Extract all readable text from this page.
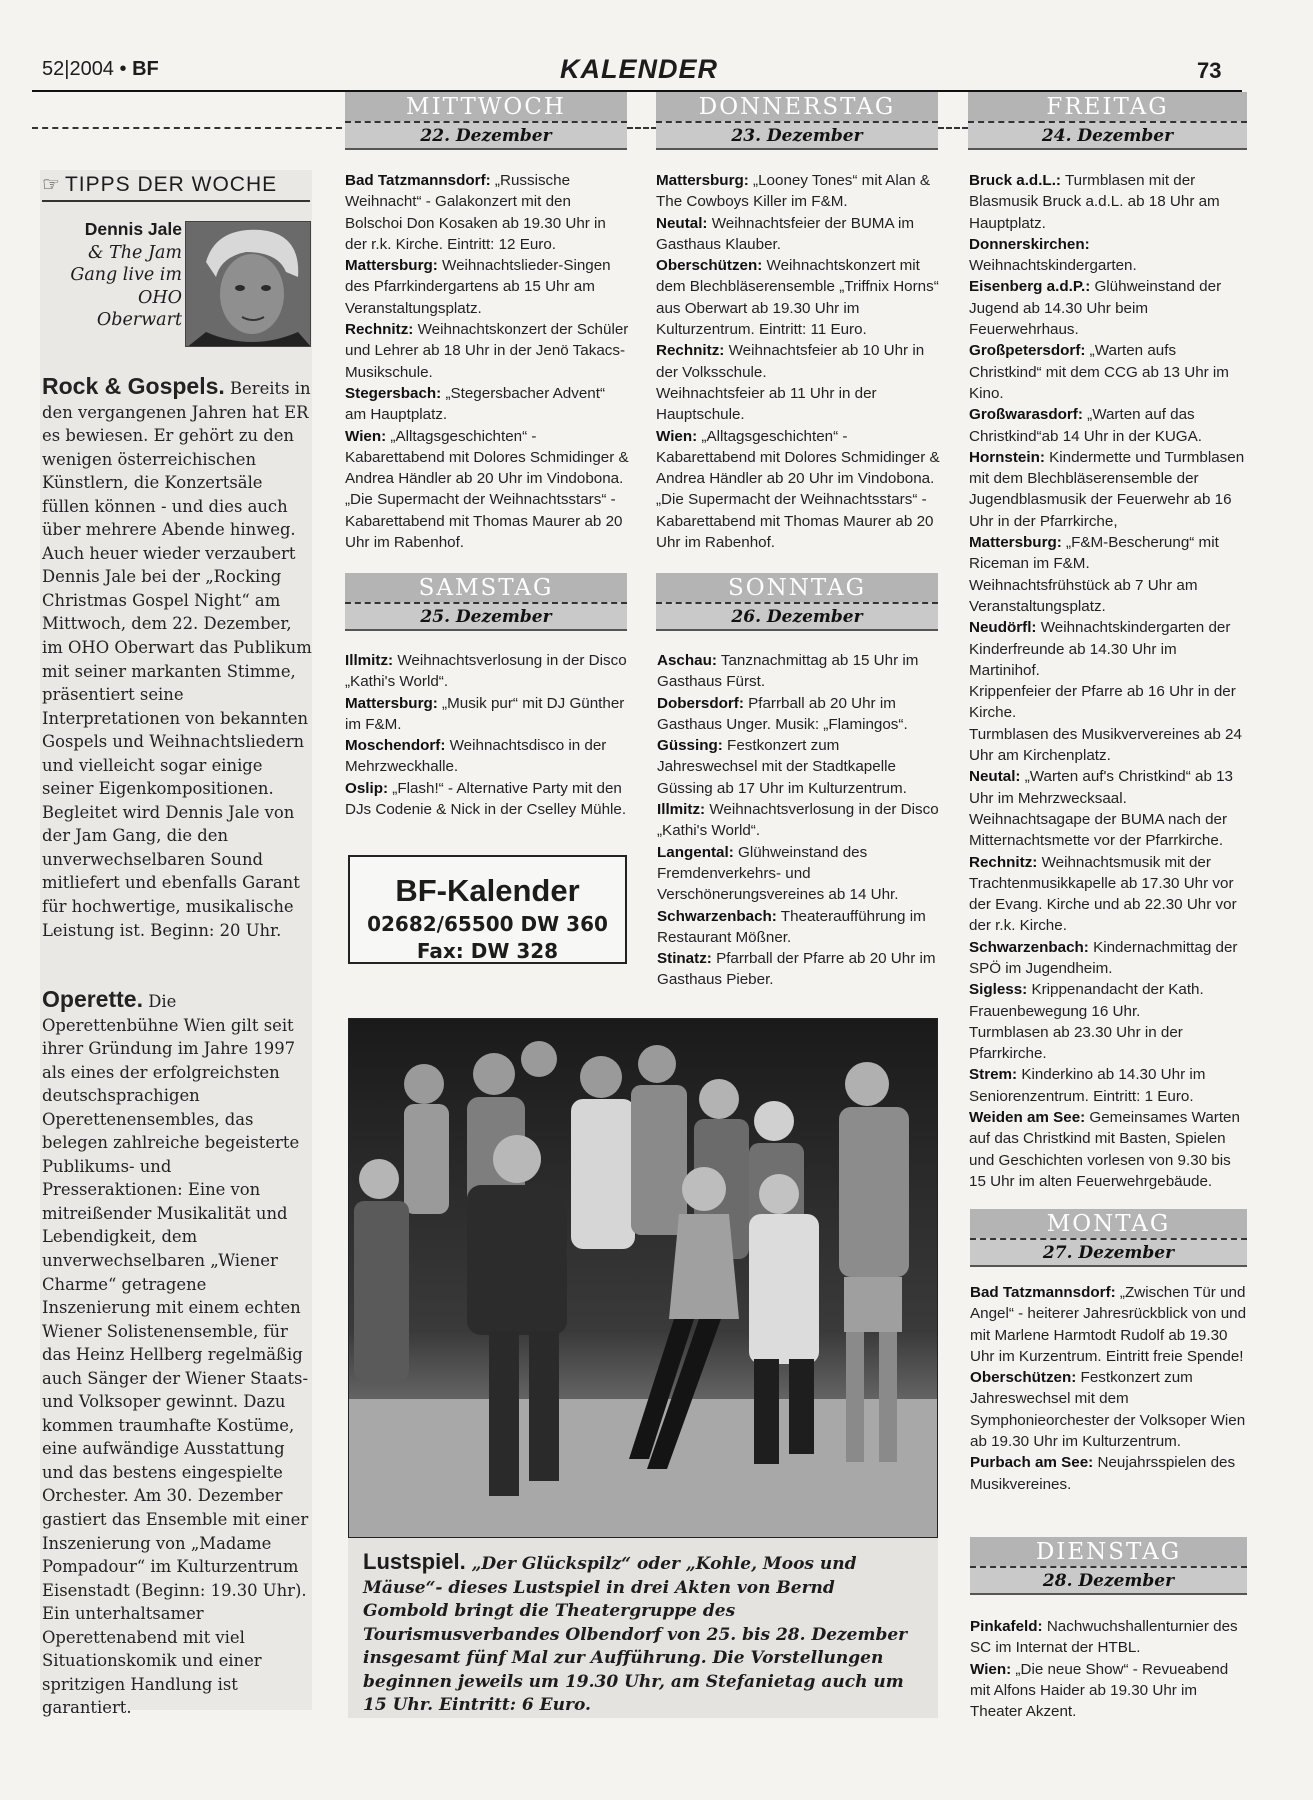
52|2004 • BF	KALENDER	73
☞ TIPPS DER WOCHE
Dennis Jale
& The Jam Gang live im OHO Oberwart
Rock & Gospels. Bereits in den vergangenen Jahren hat ER es bewiesen. Er gehört zu den wenigen österreichischen Künstlern, die Konzertsäle füllen können - und dies auch über mehrere Abende hinweg. Auch heuer wieder verzaubert Dennis Jale bei der „Rocking Christmas Gospel Night“ am Mittwoch, dem 22. Dezember, im OHO Oberwart das Publikum mit seiner markanten Stimme, präsentiert seine Interpretationen von bekannten Gospels und Weihnachtsliedern und vielleicht sogar einige seiner Eigenkompositionen. Begleitet wird Dennis Jale von der Jam Gang, die den unverwechselbaren Sound mitliefert und ebenfalls Garant für hochwertige, musikalische Leistung ist. Beginn: 20 Uhr.
Operette. Die Operettenbühne Wien gilt seit ihrer Gründung im Jahre 1997 als eines der erfolgreichsten deutschsprachigen Operettenensembles, das belegen zahlreiche begeisterte Publikums- und Presseraktionen: Eine von mitreißender Musikalität und Lebendigkeit, dem unverwechselbaren „Wiener Charme“ getragene Inszenierung mit einem echten Wiener Solistenensemble, für das Heinz Hellberg regelmäßig auch Sänger der Wiener Staats- und Volksoper gewinnt. Dazu kommen traumhafte Kostüme, eine aufwändige Ausstattung und das bestens eingespielte Orchester. Am 30. Dezember gastiert das Ensemble mit einer Inszenierung von „Madame Pompadour“ im Kulturzentrum Eisenstadt (Beginn: 19.30 Uhr). Ein unterhaltsamer Operettenabend mit viel Situationskomik und einer spritzigen Handlung ist garantiert.
MITTWOCH
22. Dezember
DONNERSTAG
23. Dezember
FREITAG
24. Dezember
SAMSTAG
25. Dezember
SONNTAG
26. Dezember
MONTAG
27. Dezember
DIENSTAG
28. Dezember

Bad Tatzmannsdorf: „Russische Weihnacht“ - Galakonzert mit den Bolschoi Don Kosaken ab 19.30 Uhr in der r.k. Kirche. Eintritt: 12 Euro.

Mattersburg: Weihnachtslieder-Singen des Pfarrkindergartens ab 15 Uhr am Veranstaltungsplatz.

Rechnitz: Weihnachtskonzert der Schüler und Lehrer ab 18 Uhr in der Jenö Takacs-Musikschule.

Stegersbach: „Stegersbacher Advent“ am Hauptplatz.

Wien: „Alltagsgeschichten“ - Kabarettabend mit Dolores Schmidinger & Andrea Händler ab 20 Uhr im Vindobona.

„Die Supermacht der Weihnachtsstars“ - Kabarettabend mit Thomas Maurer ab 20 Uhr im Rabenhof.

Mattersburg: „Looney Tones“ mit Alan & The Cowboys Killer im F&M.

Neutal: Weihnachtsfeier der BUMA im Gasthaus Klauber.

Oberschützen: Weihnachtskonzert mit dem Blechbläserensemble „Triffnix Horns“ aus Oberwart ab 19.30 Uhr im Kulturzentrum. Eintritt: 11 Euro.

Rechnitz: Weihnachtsfeier ab 10 Uhr in der Volksschule.

Weihnachtsfeier ab 11 Uhr in der Hauptschule.

Wien: „Alltagsgeschichten“ - Kabarettabend mit Dolores Schmidinger & Andrea Händler ab 20 Uhr im Vindobona.

„Die Supermacht der Weihnachtsstars“ - Kabarettabend mit Thomas Maurer ab 20 Uhr im Rabenhof.

Bruck a.d.L.: Turmblasen mit der Blasmusik Bruck a.d.L. ab 18 Uhr am Hauptplatz.

Donnerskirchen: Weihnachtskindergarten.

Eisenberg a.d.P.: Glühweinstand der Jugend ab 14.30 Uhr beim Feuerwehrhaus.

Großpetersdorf: „Warten aufs Christkind“ mit dem CCG ab 13 Uhr im Kino.

Großwarasdorf: „Warten auf das Christkind“ab 14 Uhr in der KUGA.

Hornstein: Kindermette und Turmblasen mit dem Blechbläserensemble der Jugendblasmusik der Feuerwehr ab 16 Uhr in der Pfarrkirche,

Mattersburg: „F&M-Bescherung“ mit Riceman im F&M.

Weihnachtsfrühstück ab 7 Uhr am Veranstaltungsplatz.

Neudörfl: Weihnachtskindergarten der Kinderfreunde ab 14.30 Uhr im Martinihof.

Krippenfeier der Pfarre ab 16 Uhr in der Kirche.

Turmblasen des Musikververeines ab 24 Uhr am Kirchenplatz.

Neutal: „Warten auf's Christkind“ ab 13 Uhr im Mehrzwecksaal.

Weihnachtsagape der BUMA nach der Mitternachtsmette vor der Pfarrkirche.

Rechnitz: Weihnachtsmusik mit der Trachtenmusikkapelle ab 17.30 Uhr vor der Evang. Kirche und ab 22.30 Uhr vor der r.k. Kirche.

Schwarzenbach: Kindernachmittag der SPÖ im Jugendheim.

Sigless: Krippenandacht der Kath. Frauenbewegung 16 Uhr.

Turmblasen ab 23.30 Uhr in der Pfarrkirche.

Strem: Kinderkino ab 14.30 Uhr im Seniorenzentrum. Eintritt: 1 Euro.

Weiden am See: Gemeinsames Warten auf das Christkind mit Basten, Spielen und Geschichten vorlesen von 9.30 bis 15 Uhr im alten Feuerwehrgebäude.

Illmitz: Weihnachtsverlosung in der Disco „Kathi's World“.

Mattersburg: „Musik pur“ mit DJ Günther im F&M.

Moschendorf: Weihnachtsdisco in der Mehrzweckhalle.

Oslip: „Flash!“ - Alternative Party mit den DJs Codenie & Nick in der Cselley Mühle.

Aschau: Tanznachmittag ab 15 Uhr im Gasthaus Fürst.

Dobersdorf: Pfarrball ab 20 Uhr im Gasthaus Unger. Musik: „Flamingos“.

Güssing: Festkonzert zum Jahreswechsel mit der Stadtkapelle Güssing ab 17 Uhr im Kulturzentrum.

Illmitz: Weihnachtsverlosung in der Disco „Kathi's World“.

Langental: Glühweinstand des Fremdenverkehrs- und Verschönerungsvereines ab 14 Uhr.

Schwarzenbach: Theateraufführung im Restaurant Mößner.

Stinatz: Pfarrball der Pfarre ab 20 Uhr im Gasthaus Pieber.

Bad Tatzmannsdorf: „Zwischen Tür und Angel“ - heiterer Jahresrückblick von und mit Marlene Harmtodt Rudolf ab 19.30 Uhr im Kurzentrum. Eintritt freie Spende!

Oberschützen: Festkonzert zum Jahreswechsel mit dem Symphonieorchester der Volksoper Wien ab 19.30 Uhr im Kulturzentrum.

Purbach am See: Neujahrsspielen des Musikvereines.

Pinkafeld: Nachwuchshallenturnier des SC im Internat der HTBL.

Wien: „Die neue Show“ - Revueabend mit Alfons Haider ab 19.30 Uhr im Theater Akzent.

BF-Kalender
02682/65500 DW 360
Fax: DW 328
Lustspiel. „Der Glückspilz“ oder „Kohle, Moos und Mäuse“- dieses Lustspiel in drei Akten von Bernd Gombold bringt die Theatergruppe des Tourismusverbandes Olbendorf von 25. bis 28. Dezember insgesamt fünf Mal zur Aufführung. Die Vorstellungen beginnen jeweils um 19.30 Uhr, am Stefanietag auch um 15 Uhr. Eintritt: 6 Euro.
